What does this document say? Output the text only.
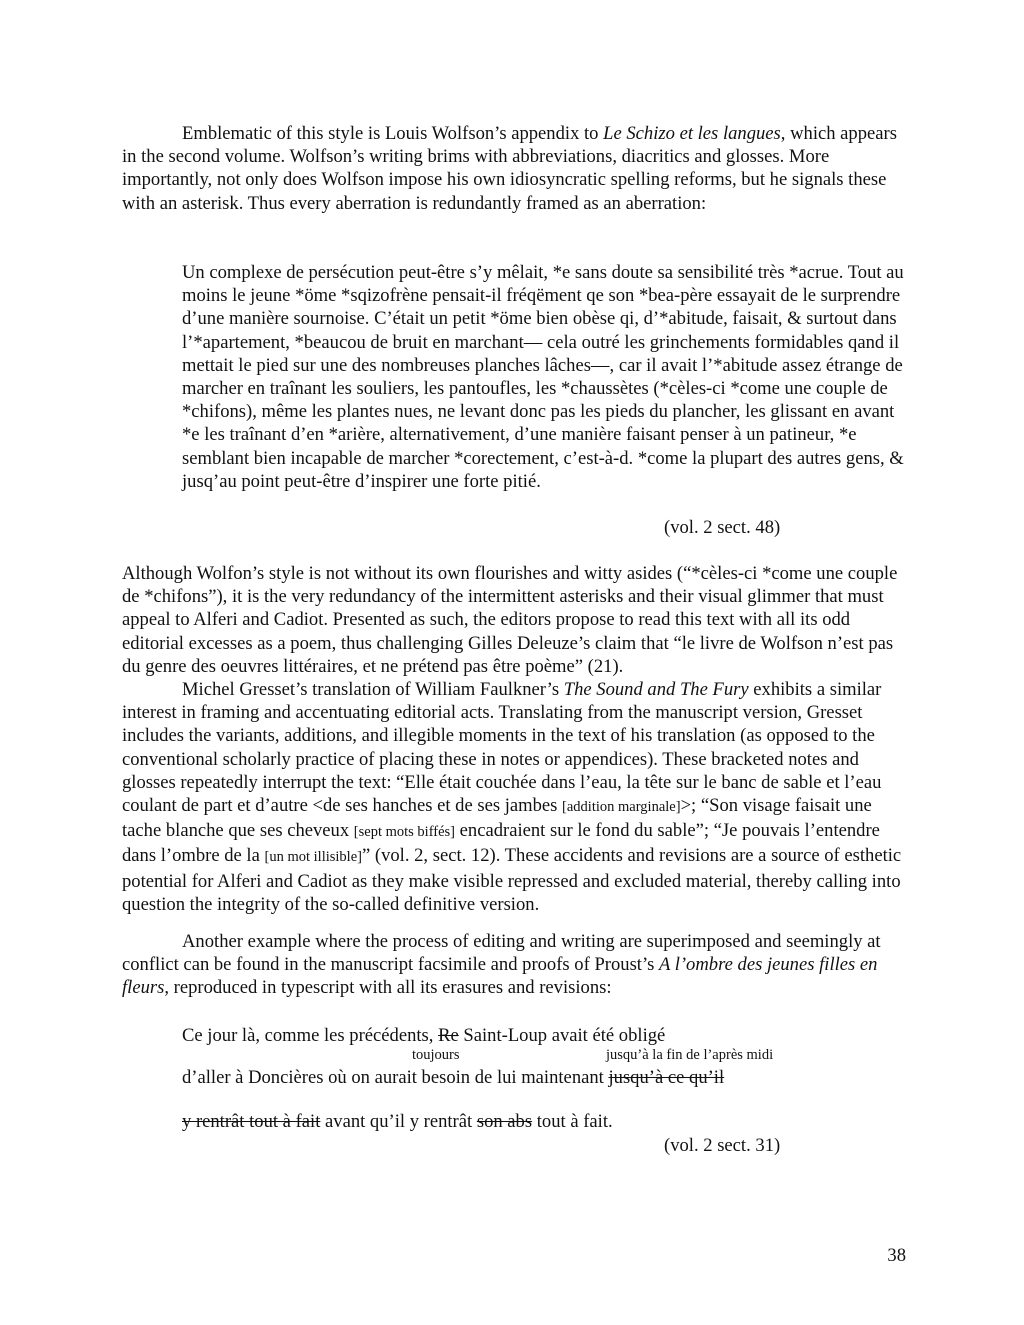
Emblematic of this style is Louis Wolfson’s appendix to Le Schizo et les langues, which appears in the second volume. Wolfson’s writing brims with abbreviations, diacritics and glosses. More importantly, not only does Wolfson impose his own idiosyncratic spelling reforms, but he signals these with an asterisk. Thus every aberration is redundantly framed as an aberration:

Un complexe de persécution peut-être s’y mêlait, *e sans doute sa sensibilité très *acrue. Tout au moins le jeune *öme *sqizofrène pensait-il fréqëment qe son *bea-père essayait de le surprendre d’une manière sournoise. C’était un petit *öme bien obèse qi, d’*abitude, faisait, & surtout dans l’*apartement, *beaucou de bruit en marchant— cela outré les grinchements formidables qand il mettait le pied sur une des nombreuses planches lâches—, car il avait l’*abitude assez étrange de marcher en traînant les souliers, les pantoufles, les *chaussètes (*cèles-ci *come une couple de *chifons), même les plantes nues, ne levant donc pas les pieds du plancher, les glissant en avant *e les traînant d’en *arière, alternativement, d’une manière faisant penser à un patineur, *e semblant bien incapable de marcher *corectement, c’est-à-d. *come la plupart des autres gens, & jusq’au point peut-être d’inspirer une forte pitié.

(vol. 2 sect. 48)

Although Wolfon’s style is not without its own flourishes and witty asides (“*cèles-ci *come une couple de *chifons”), it is the very redundancy of the intermittent asterisks and their visual glimmer that must appeal to Alferi and Cadiot. Presented as such, the editors propose to read this text with all its odd editorial excesses as a poem, thus challenging Gilles Deleuze’s claim that “le livre de Wolfson n’est pas du genre des oeuvres littéraires, et ne prétend pas être poème” (21).

Michel Gresset’s translation of William Faulkner’s The Sound and The Fury exhibits a similar interest in framing and accentuating editorial acts. Translating from the manuscript version, Gresset includes the variants, additions, and illegible moments in the text of his translation (as opposed to the conventional scholarly practice of placing these in notes or appendices). These bracketed notes and glosses repeatedly interrupt the text: “Elle était couchée dans l’eau, la tête sur le banc de sable et l’eau coulant de part et d’autre <de ses hanches et de ses jambes [addition marginale]>; “Son visage faisait une tache blanche que ses cheveux [sept mots biffés] encadraient sur le fond du sable”; “Je pouvais l’entendre dans l’ombre de la [un mot illisible]” (vol. 2, sect. 12). These accidents and revisions are a source of esthetic potential for Alferi and Cadiot as they make visible repressed and excluded material, thereby calling into question the integrity of the so-called definitive version.

Another example where the process of editing and writing are superimposed and seemingly at conflict can be found in the manuscript facsimile and proofs of Proust’s A l’ombre des jeunes filles en fleurs, reproduced in typescript with all its erasures and revisions:

Ce jour là, comme les précédents, Re Saint-Loup avait été obligé

toujours	jusqu’à la fin de l’après midi

d’aller à Doncières où on aurait besoin de lui maintenant jusqu’à ce qu’il

y rentrât tout à fait avant qu’il y rentrât son abs tout à fait.

(vol. 2 sect. 31)

38
